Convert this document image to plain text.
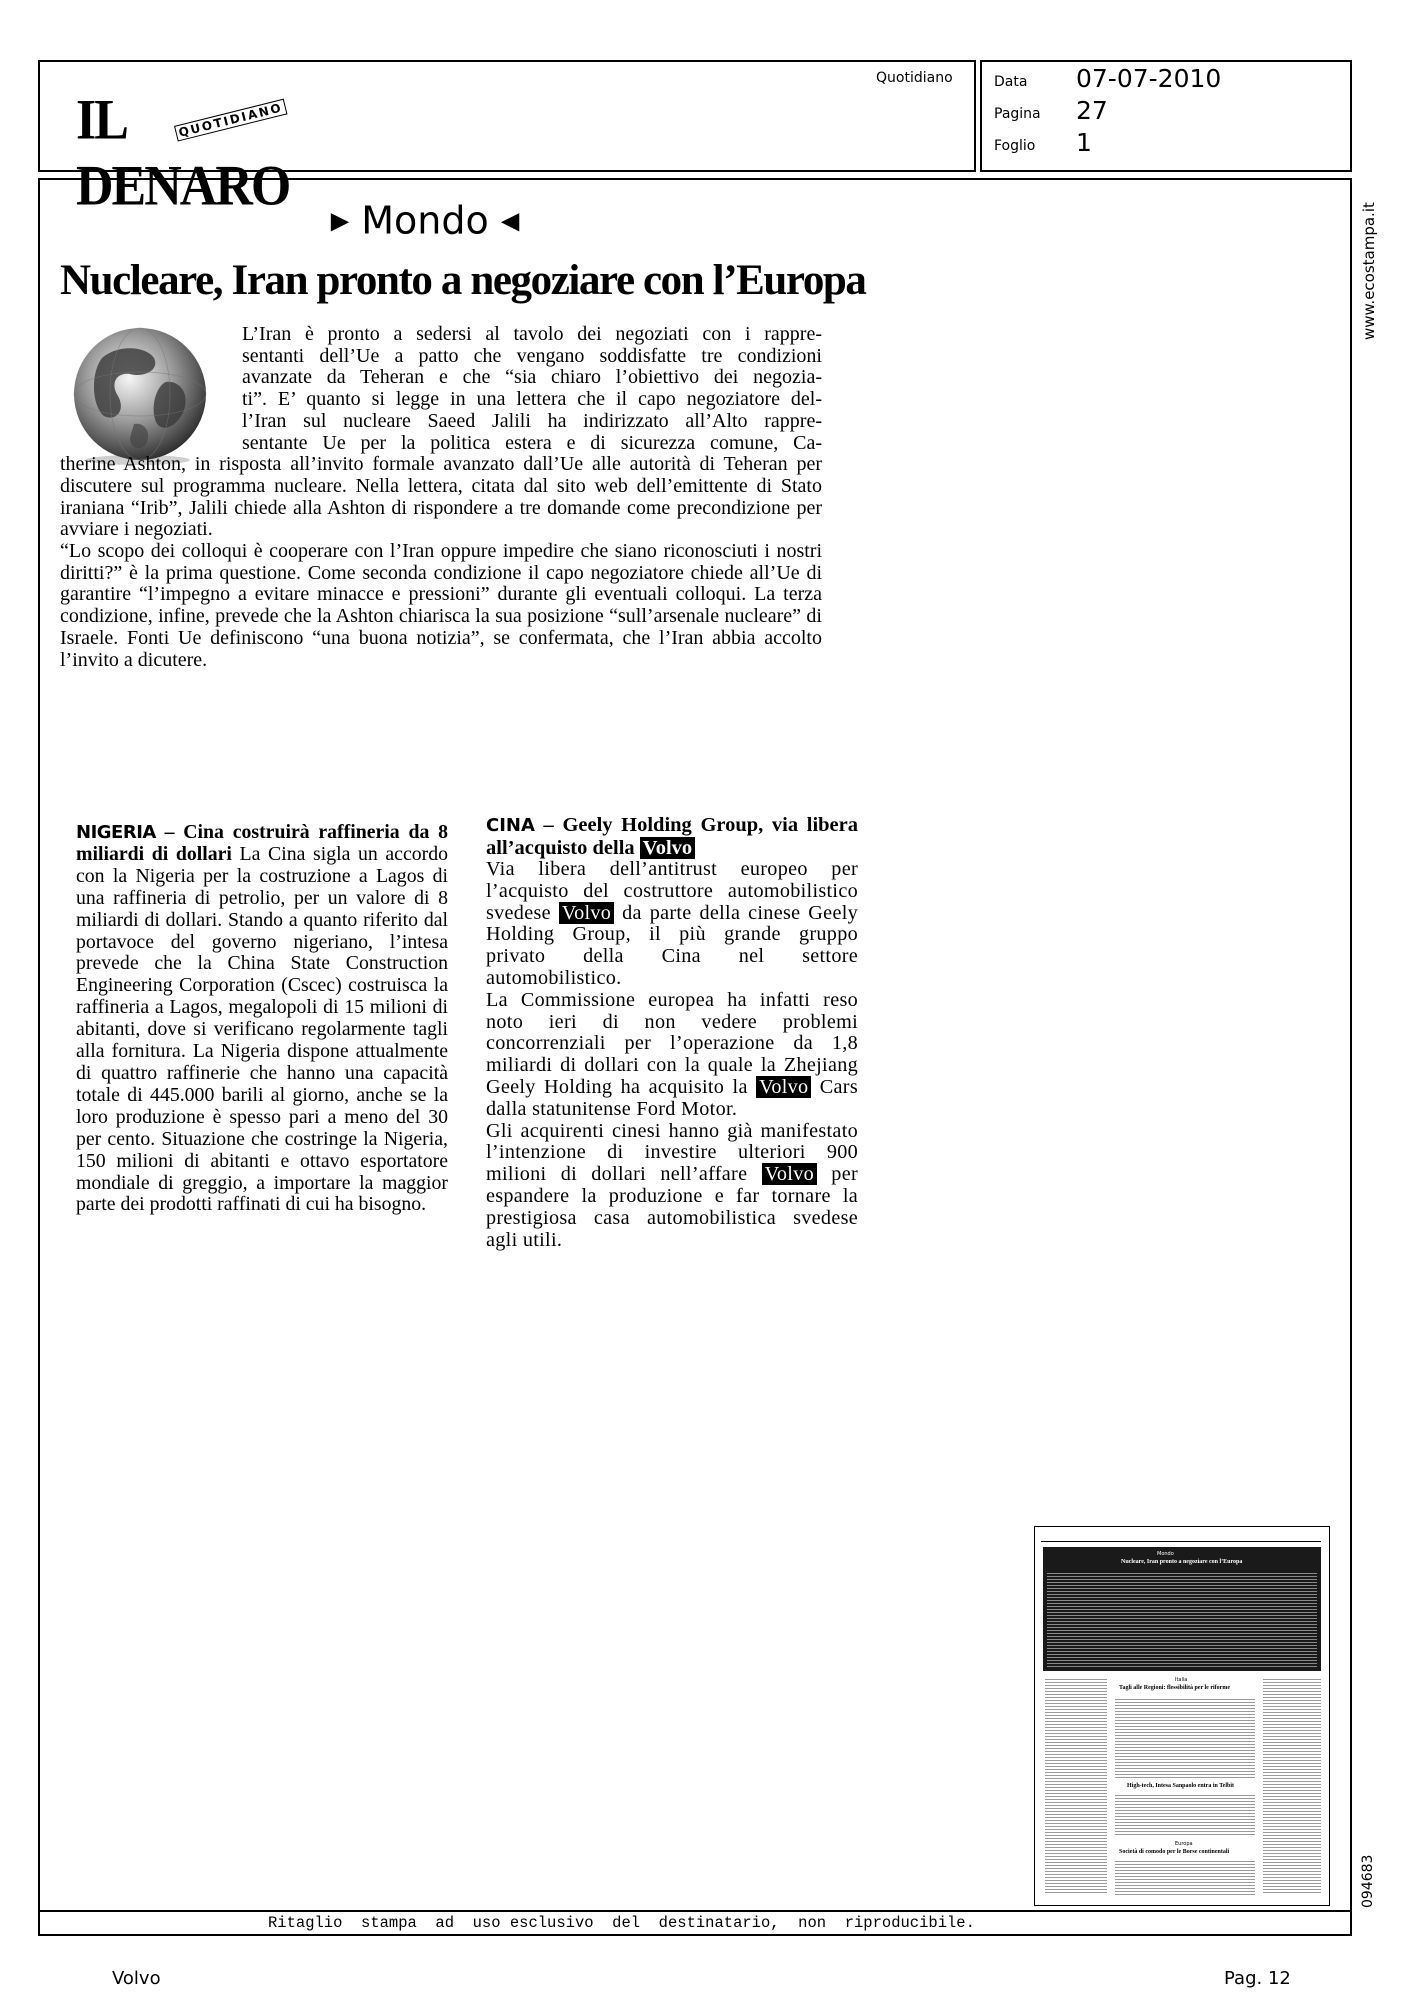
IL DENARO
QUOTIDIANO
Quotidiano	Data 07-07-2010
Pagina 27
Foglio 1
www.ecostampa.it
094683
▶ Mondo ◀
Nucleare, Iran pronto a negoziare con l’Europa
L’Iran è pronto a sedersi al tavolo dei negoziati con i rappre-
sentanti dell’Ue a patto che vengano soddisfatte tre condizioni
avanzate da Teheran e che “sia chiaro l’obiettivo dei negozia-
ti”. E’ quanto si legge in una lettera che il capo negoziatore del-
l’Iran sul nucleare Saeed Jalili ha indirizzato all’Alto rappre-
sentante Ue per la politica estera e di sicurezza comune, Ca-

therine Ashton, in risposta all’invito formale avanzato dall’Ue alle autorità di Teheran per discutere sul programma nucleare. Nella lettera, citata dal sito web dell’emittente di Stato iraniana “Irib”, Jalili chiede alla Ashton di rispondere a tre domande come precondizione per avviare i negoziati.

“Lo scopo dei colloqui è cooperare con l’Iran oppure impedire che siano riconosciuti i nostri diritti?” è la prima questione. Come seconda condizione il capo negoziatore chiede all’Ue di garantire “l’impegno a evitare minacce e pressioni” durante gli eventuali colloqui. La terza condizione, infine, prevede che la Ashton chiarisca la sua posizione “sull’arsenale nucleare” di Israele. Fonti Ue definiscono “una buona notizia”, se confermata, che l’Iran abbia accolto l’invito a dicutere.

NIGERIA – Cina costruirà raffineria da 8 miliardi di dollari La Cina sigla un accordo con la Nigeria per la costruzione a Lagos di una raffineria di petrolio, per un valore di 8 miliardi di dollari. Stando a quanto riferito dal portavoce del governo nigeriano, l’intesa prevede che la China State Construction Engineering Corporation (Cscec) costruisca la raffineria a Lagos, megalopoli di 15 milioni di abitanti, dove si verificano regolarmente tagli alla fornitura. La Nigeria dispone attualmente di quattro raffinerie che hanno una capacità totale di 445.000 barili al giorno, anche se la loro produzione è spesso pari a meno del 30 per cento. Situazione che costringe la Nigeria, 150 milioni di abitanti e ottavo esportatore mondiale di greggio, a importare la maggior parte dei prodotti raffinati di cui ha bisogno.
CINA – Geely Holding Group, via libera all’acquisto della Volvo

Via libera dell’antitrust europeo per l’acquisto del costruttore automobilistico svedese Volvo da parte della cinese Geely Holding Group, il più grande gruppo privato della Cina nel settore automobilistico.

La Commissione europea ha infatti reso noto ieri di non vedere problemi concorrenziali per l’operazione da 1,8 miliardi di dollari con la quale la Zhejiang Geely Holding ha acquisito la Volvo Cars dalla statunitense Ford Motor.

Gli acquirenti cinesi hanno già manifestato l’intenzione di investire ulteriori 900 milioni di dollari nell’affare Volvo per espandere la produzione e far tornare la prestigiosa casa automobilistica svedese agli utili.

Mondo
Nucleare, Iran pronto a negoziare con l’Europa
Italia
Tagli alle Regioni: flessibilità per le riforme
High-tech, Intesa Sanpaolo entra in Telbit
Europa
Società di comodo per le Borse continentali
Ritaglio  stampa  ad  uso esclusivo  del  destinatario,  non  riproducibile.
Volvo	Pag. 12
